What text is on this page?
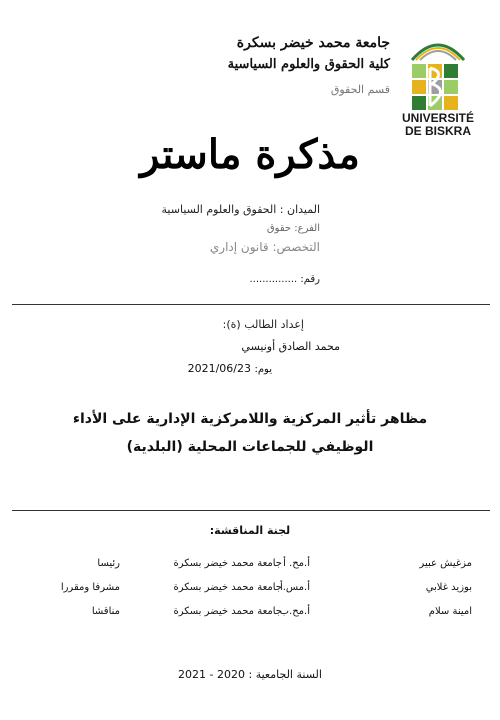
جامعة محمد خيضر بسكرة
كلية الحقوق والعلوم السياسية
قسم الحقوق
UNIVERSITÉ
DE BISKRA
مذكرة ماستر
الميدان : الحقوق والعلوم السياسية
الفرع: حقوق
التخصص: قانون إداري
رقم: ...............
إعداد الطالب (ة):
محمد الصادق أونيسي
يوم: 2021/06/23
مظاهر تأثير المركزية واللامركزية الإدارية على الأداء
الوظيفي للجماعات المحلية (البلدية)
لجنة المناقشة:
مزغيش عبير
أ.مح. أ
جامعة محمد خيضر بسكرة
رئيسا
بوزيد غلابي
أ.مس.أ
جامعة محمد خيضر بسكرة
مشرفا ومقررا
امينة سلام
أ.مح.ب
جامعة محمد خيضر بسكرة
مناقشا
السنة الجامعية : 2020 - 2021
